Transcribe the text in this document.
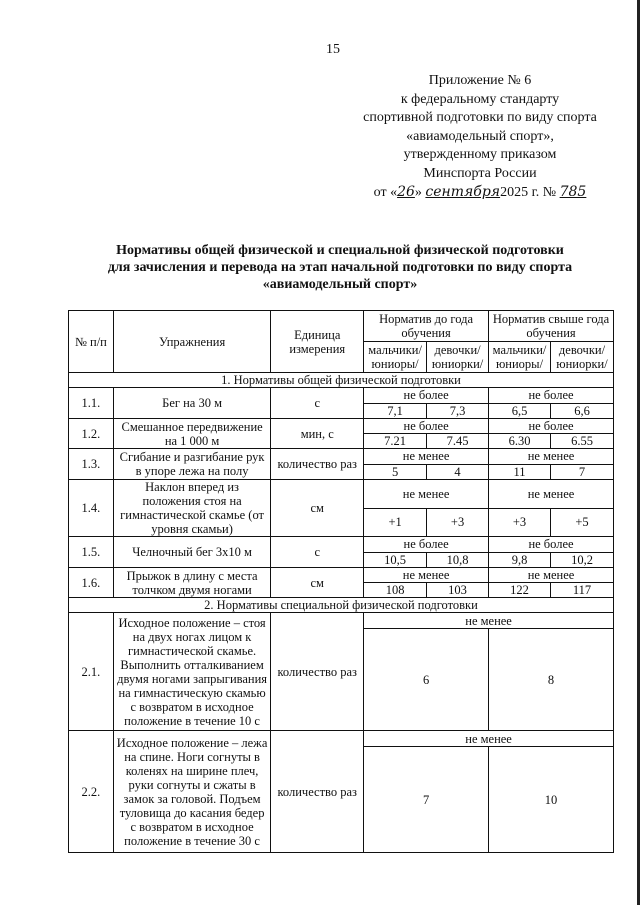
15
Приложение № 6
к федеральному стандарту
спортивной подготовки по виду спорта
«авиамодельный спорт»,
утвержденному приказом
Минспорта России
от «26» сентября2025 г. № 785
Нормативы общей физической и специальной физической подготовки
для зачисления и перевода на этап начальной подготовки по виду спорта
«авиамодельный спорт»
№ п/п	Упражнения	Единица измерения	Норматив до года обучения		Норматив свыше года обучения	
			мальчики/ юниоры/	девочки/ юниорки/	мальчики/ юниоры/	девочки/ юниорки/
1. Нормативы общей физической подготовки						
1.1.	Бег на 30 м	с	не более		не более	
			7,1	7,3	6,5	6,6
1.2.	Смешанное передвижение на 1 000 м	мин, с	не более		не более	
			7.21	7.45	6.30	6.55
1.3.	Сгибание и разгибание рук в упоре лежа на полу	количество раз	не менее		не менее	
			5	4	11	7
1.4.	Наклон вперед из положения стоя на гимнастической скамье (от уровня скамьи)	см	не менее		не менее	
			+1	+3	+3	+5
1.5.	Челночный бег 3х10 м	с	не более		не более	
			10,5	10,8	9,8	10,2
1.6.	Прыжок в длину с места толчком двумя ногами	см	не менее		не менее	
			108	103	122	117
2. Нормативы специальной физической подготовки						
2.1.	Исходное положение – стоя на двух ногах лицом к гимнастической скамье. Выполнить отталкиванием двумя ногами запрыгивания на гимнастическую скамью с возвратом в исходное положение в течение 10 с	количество раз	не менее			
			6		8	
2.2.	Исходное положение – лежа на спине. Ноги согнуты в коленях на ширине плеч, руки согнуты и сжаты в замок за головой. Подъем туловища до касания бедер с возвратом в исходное положение в течение 30 с	количество раз	не менее			
			7		10	
